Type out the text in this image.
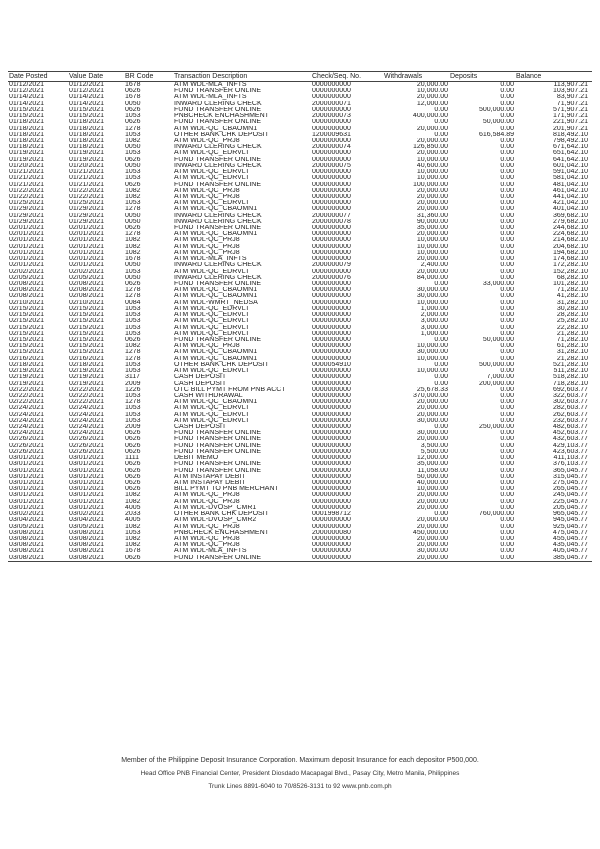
Date Posted	Value Date	BR Code	Transaction Description	Check/Seq. No.	Withdrawals	Deposits	Balance
01/12/2021	01/12/2021	1678	ATM WDL-MLA_INFTS	0000000000	20,000.00	0.00	113,907.21
01/12/2021	01/12/2021	0626	FUND TRANSFER ONLINE	0000000000	10,000.00	0.00	103,907.21
01/14/2021	01/14/2021	1678	ATM WDL-MLA_INFTS	0000000000	20,000.00	0.00	83,907.21
01/14/2021	01/14/2021	0050	INWARD CLERING CHECK	2000000071	12,000.00	0.00	71,907.21
01/15/2021	01/15/2021	0626	FUND TRANSFER ONLINE	0000000000	0.00	500,000.00	571,907.21
01/15/2021	01/15/2021	1053	PNBCHECK ENCHASHMENT	2000000073	400,000.00	0.00	171,907.21
01/18/2021	01/18/2021	0626	FUND TRANSFER ONLINE	0000000000	0.00	50,000.00	221,907.21
01/18/2021	01/18/2021	1278	ATM WDL-QC_CBAOMN1	0000000000	20,000.00	0.00	201,907.21
01/18/2021	01/18/2021	1053	OTHER BANK CHK DEPOSIT	1200009631	0.00	616,584.89	818,492.10
01/18/2021	01/18/2021	1082	ATM WDL-QC_PRJ8	0000000000	20,000.00	0.00	798,492.10
01/18/2021	01/18/2021	0050	INWARD CLERING CHECK	2000000074	126,850.00	0.00	671,642.10
01/19/2021	01/19/2021	1053	ATM WDL-QC_EDRVLT	0000000000	20,000.00	0.00	651,642.10
01/19/2021	01/19/2021	0626	FUND TRANSFER ONLINE	0000000000	10,000.00	0.00	641,642.10
01/20/2021	01/20/2021	0050	INWARD CLERING CHECK	2000000075	40,600.00	0.00	601,042.10
01/21/2021	01/21/2021	1053	ATM WDL-QC_EDRVLT	0000000000	10,000.00	0.00	591,042.10
01/21/2021	01/21/2021	1053	ATM WDL-QC_EDRVLT	0000000000	10,000.00	0.00	581,042.10
01/21/2021	01/21/2021	0626	FUND TRANSFER ONLINE	0000000000	100,000.00	0.00	481,042.10
01/22/2021	01/22/2021	1082	ATM WDL-QC_PRJ8	0000000000	20,000.00	0.00	461,042.10
01/22/2021	01/22/2021	1082	ATM WDL-QC_PRJ8	0000000000	20,000.00	0.00	441,042.10
01/25/2021	01/25/2021	1053	ATM WDL-QC_EDRVLT	0000000000	20,000.00	0.00	421,042.10
01/29/2021	01/29/2021	1278	ATM WDL-QC_CBAOMN1	0000000000	20,000.00	0.00	401,042.10
01/29/2021	01/29/2021	0050	INWARD CLERING CHECK	2000000077	31,360.00	0.00	369,682.10
01/29/2021	01/29/2021	0050	INWARD CLERING CHECK	2000000078	90,000.00	0.00	279,682.10
02/01/2021	02/01/2021	0626	FUND TRANSFER ONLINE	0000000000	35,000.00	0.00	244,682.10
02/01/2021	02/01/2021	1278	ATM WDL-QC_CBAOMN1	0000000000	20,000.00	0.00	224,682.10
02/01/2021	02/01/2021	1082	ATM WDL-QC_PRJ8	0000000000	10,000.00	0.00	214,682.10
02/01/2021	02/01/2021	1082	ATM WDL-QC_PRJ8	0000000000	10,000.00	0.00	204,682.10
02/01/2021	02/01/2021	1082	ATM WDL-QC_PRJ8	0000000000	10,000.00	0.00	194,682.10
02/01/2021	02/01/2021	1678	ATM WDL-MLA_INFTS	0000000000	20,000.00	0.00	174,682.10
02/01/2021	02/01/2021	0050	INWARD CLERING CHECK	2000000079	2,400.00	0.00	172,282.10
02/02/2021	02/02/2021	1053	ATM WDL-QC_EDRVLT	0000000000	20,000.00	0.00	152,282.10
02/05/2021	02/05/2021	0050	INWARD CLERING CHECK	2000000076	84,000.00	0.00	68,282.10
02/08/2021	02/08/2021	0626	FUND TRANSFER ONLINE	0000000000	0.00	33,000.00	101,282.10
02/08/2021	02/08/2021	1278	ATM WDL-QC_CBAOMN1	0000000000	30,000.00	0.00	71,282.10
02/08/2021	02/08/2021	1278	ATM WDL-QC_CBAOMN1	0000000000	30,000.00	0.00	41,282.10
02/10/2021	02/10/2021	0084	ATM WDL-WMRT_NEDSA	0000000000	10,000.00	0.00	31,282.10
02/15/2021	02/15/2021	1053	ATM WDL-QC_EDRVLT	0000000000	1,000.00	0.00	30,282.10
02/15/2021	02/15/2021	1053	ATM WDL-QC_EDRVLT	0000000000	2,000.00	0.00	28,282.10
02/15/2021	02/15/2021	1053	ATM WDL-QC_EDRVLT	0000000000	3,000.00	0.00	25,282.10
02/15/2021	02/15/2021	1053	ATM WDL-QC_EDRVLT	0000000000	3,000.00	0.00	22,282.10
02/15/2021	02/15/2021	1053	ATM WDL-QC_EDRVLT	0000000000	1,000.00	0.00	21,282.10
02/15/2021	02/15/2021	0626	FUND TRANSFER ONLINE	0000000000	0.00	50,000.00	71,282.10
02/15/2021	02/15/2021	1082	ATM WDL-QC_PRJ8	0000000000	10,000.00	0.00	61,282.10
02/15/2021	02/15/2021	1278	ATM WDL-QC_CBAOMN1	0000000000	30,000.00	0.00	31,282.10
02/16/2021	02/16/2021	1278	ATM WDL-QC_CBAOMN1	0000000000	10,000.00	0.00	21,282.10
02/18/2021	02/18/2021	1053	OTHER BANK CHK DEPOSIT	0000054910	0.00	500,000.00	521,282.10
02/19/2021	02/19/2021	1053	ATM WDL-QC_EDRVLT	0000000000	10,000.00	0.00	511,282.10
02/19/2021	02/19/2021	3117	CASH DEPOSIT	0000000000	0.00	7,000.00	518,282.10
02/19/2021	02/19/2021	2009	CASH DEPOSIT	0000000000	0.00	200,000.00	718,282.10
02/22/2021	02/22/2021	1226	OTC BILL PYMT FROM PNB ACCT	0000000000	25,678.33	0.00	692,603.77
02/22/2021	02/22/2021	1053	CASH WITHDRAWAL	0000000000	370,000.00	0.00	322,603.77
02/22/2021	02/22/2021	1278	ATM WDL-QC_CBAOMN1	0000000000	20,000.00	0.00	302,603.77
02/24/2021	02/24/2021	1053	ATM WDL-QC_EDRVLT	0000000000	20,000.00	0.00	282,603.77
02/24/2021	02/24/2021	1053	ATM WDL-QC_EDRVLT	0000000000	20,000.00	0.00	262,603.77
02/24/2021	02/24/2021	1053	ATM WDL-QC_EDRVLT	0000000000	30,000.00	0.00	232,603.77
02/24/2021	02/24/2021	2009	CASH DEPOSIT	0000000000	0.00	250,000.00	482,603.77
02/24/2021	02/24/2021	0626	FUND TRANSFER ONLINE	0000000000	30,000.00	0.00	452,603.77
02/26/2021	02/26/2021	0626	FUND TRANSFER ONLINE	0000000000	20,000.00	0.00	432,603.77
02/26/2021	02/26/2021	0626	FUND TRANSFER ONLINE	0000000000	3,500.00	0.00	429,103.77
02/26/2021	02/26/2021	0626	FUND TRANSFER ONLINE	0000000000	5,500.00	0.00	423,603.77
03/01/2021	03/01/2021	1111	DEBIT MEMO	0000000000	12,000.00	0.00	411,103.77
03/01/2021	03/01/2021	0626	FUND TRANSFER ONLINE	0000000000	35,000.00	0.00	376,103.77
03/01/2021	03/01/2021	0626	FUND TRANSFER ONLINE	0000000000	11,058.00	0.00	365,045.77
03/01/2021	03/01/2021	0626	ATM INSTAPAY DEBIT	0000000000	50,000.00	0.00	315,045.77
03/01/2021	03/01/2021	0626	ATM INSTAPAY DEBIT	0000000000	40,000.00	0.00	275,045.77
03/01/2021	03/01/2021	0626	BILL PYMT TO PNB MERCHANT	0000000000	10,000.00	0.00	265,045.77
03/01/2021	03/01/2021	1082	ATM WDL-QC_PRJ8	0000000000	20,000.00	0.00	245,045.77
03/01/2021	03/01/2021	1082	ATM WDL-QC_PRJ8	0000000000	20,000.00	0.00	225,045.77
03/01/2021	03/01/2021	4005	ATM WDL-DVOSP_CMR1	0000000000	20,000.00	0.00	205,045.77
03/02/2021	03/02/2021	2033	OTHER BANK CHK DEPOSIT	0001998712	0.00	760,000.00	965,045.77
03/04/2021	03/04/2021	4005	ATM WDL-DVOSP_CMR2	0000000000	20,000.00	0.00	945,045.77
03/05/2021	03/05/2021	1082	ATM WDL-QC_PRJ8	0000000000	20,000.00	0.00	925,045.77
03/08/2021	03/08/2021	1053	PNBCHECK ENCHASHMENT	2000000080	450,000.00	0.00	475,045.77
03/08/2021	03/08/2021	1082	ATM WDL-QC_PRJ8	0000000000	20,000.00	0.00	455,045.77
03/08/2021	03/08/2021	1082	ATM WDL-QC_PRJ8	0000000000	20,000.00	0.00	435,045.77
03/08/2021	03/08/2021	1678	ATM WDL-MLA_INFTS	0000000000	30,000.00	0.00	405,045.77
03/08/2021	03/08/2021	0626	FUND TRANSFER ONLINE	0000000000	20,000.00	0.00	385,045.77
Member of the Philippine Deposit Insurance Corporation. Maximum deposit Insurance for each depositor P500,000.
Head Office PNB Financial Center, President Diosdado Macapagal Blvd., Pasay City, Metro Manila, Philippines
Trunk Lines 8891-6040 to 70/8526-3131 to 92 www.pnb.com.ph
